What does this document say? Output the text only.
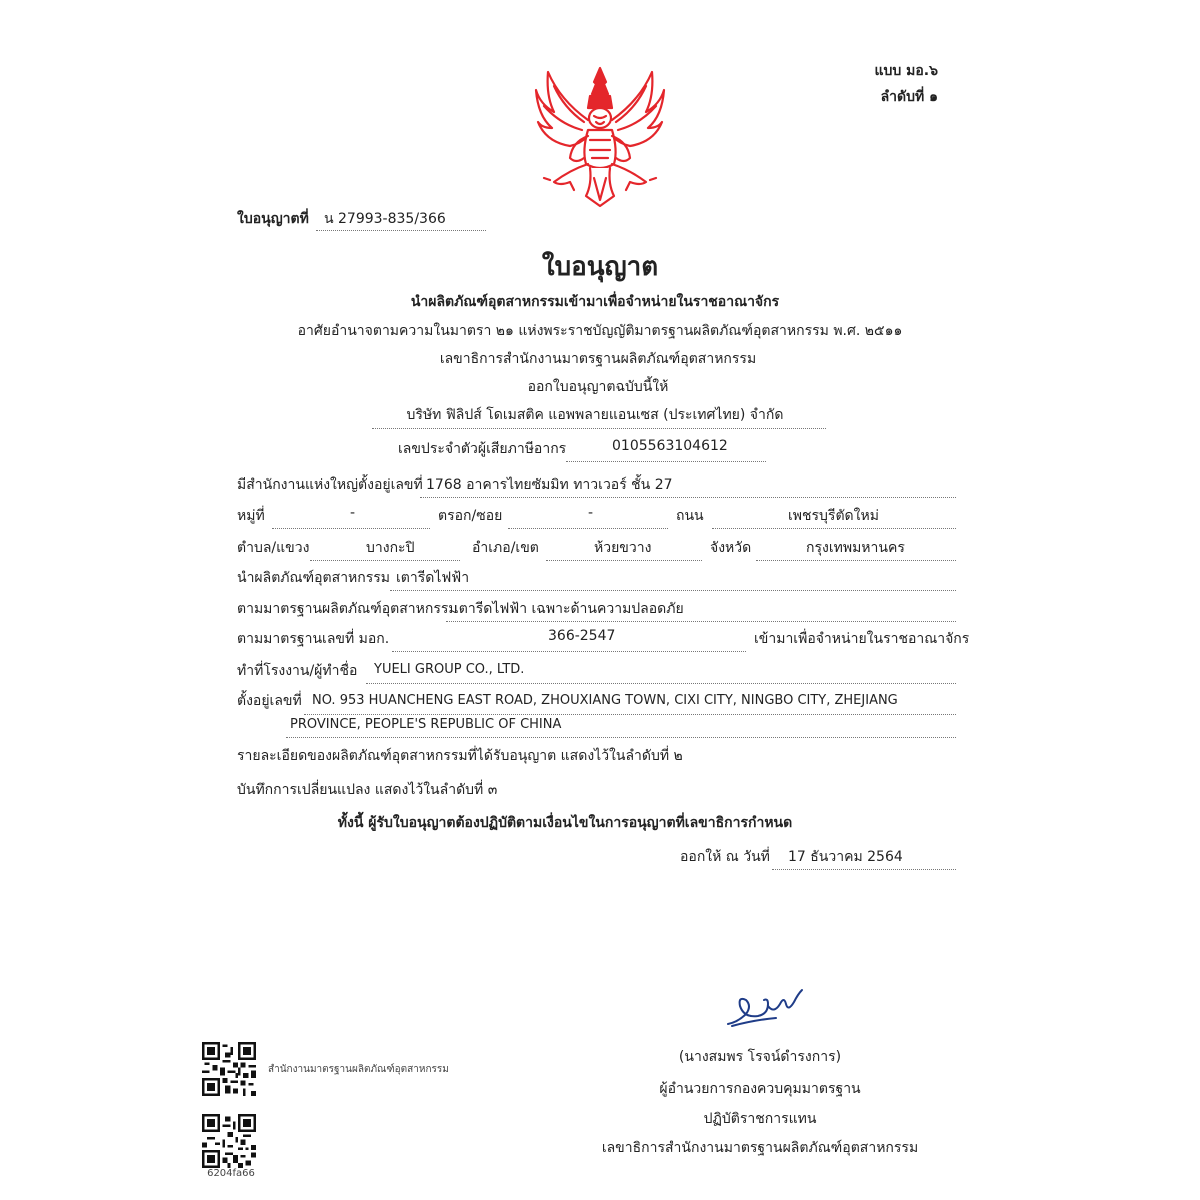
แบบ มอ.๖
ลำดับที่ ๑
ใบอนุญาตที่ น 27993-835/366
ใบอนุญาต
นำผลิตภัณฑ์อุตสาหกรรมเข้ามาเพื่อจำหน่ายในราชอาณาจักร
อาศัยอำนาจตามความในมาตรา ๒๑ แห่งพระราชบัญญัติมาตรฐานผลิตภัณฑ์อุตสาหกรรม พ.ศ. ๒๕๑๑
เลขาธิการสำนักงานมาตรฐานผลิตภัณฑ์อุตสาหกรรม
ออกใบอนุญาตฉบับนี้ให้
บริษัท ฟิลิปส์ โดเมสติค แอพพลายแอนเซส (ประเทศไทย) จำกัด
เลขประจำตัวผู้เสียภาษีอากร	0105563104612
มีสำนักงานแห่งใหญ่ตั้งอยู่เลขที่ 1768 อาคารไทยซัมมิท ทาวเวอร์ ชั้น 27
หมู่ที่	-	ตรอก/ซอย	-	ถนน	เพชรบุรีตัดใหม่
ตำบล/แขวง	บางกะปิ	อำเภอ/เขต	ห้วยขวาง	จังหวัด	กรุงเทพมหานคร
นำผลิตภัณฑ์อุตสาหกรรม เตารีดไฟฟ้า
ตามมาตรฐานผลิตภัณฑ์อุตสาหกรรม
เตารีดไฟฟ้า เฉพาะด้านความปลอดภัย
ตามมาตรฐานเลขที่ มอก.	366-2547	เข้ามาเพื่อจำหน่ายในราชอาณาจักร
ทำที่โรงงาน/ผู้ทำชื่อ YUELI GROUP CO., LTD.
ตั้งอยู่เลขที่ NO. 953 HUANCHENG EAST ROAD, ZHOUXIANG TOWN, CIXI CITY, NINGBO CITY, ZHEJIANG
PROVINCE, PEOPLE'S REPUBLIC OF CHINA
รายละเอียดของผลิตภัณฑ์อุตสาหกรรมที่ได้รับอนุญาต แสดงไว้ในลำดับที่ ๒
บันทึกการเปลี่ยนแปลง แสดงไว้ในลำดับที่ ๓
ทั้งนี้ ผู้รับใบอนุญาตต้องปฏิบัติตามเงื่อนไขในการอนุญาตที่เลขาธิการกำหนด
ออกให้ ณ วันที่ 17 ธันวาคม 2564
(นางสมพร โรจน์ดำรงการ)
ผู้อำนวยการกองควบคุมมาตรฐาน
ปฏิบัติราชการแทน
เลขาธิการสำนักงานมาตรฐานผลิตภัณฑ์อุตสาหกรรม
สำนักงานมาตรฐานผลิตภัณฑ์อุตสาหกรรม
6204fa66
